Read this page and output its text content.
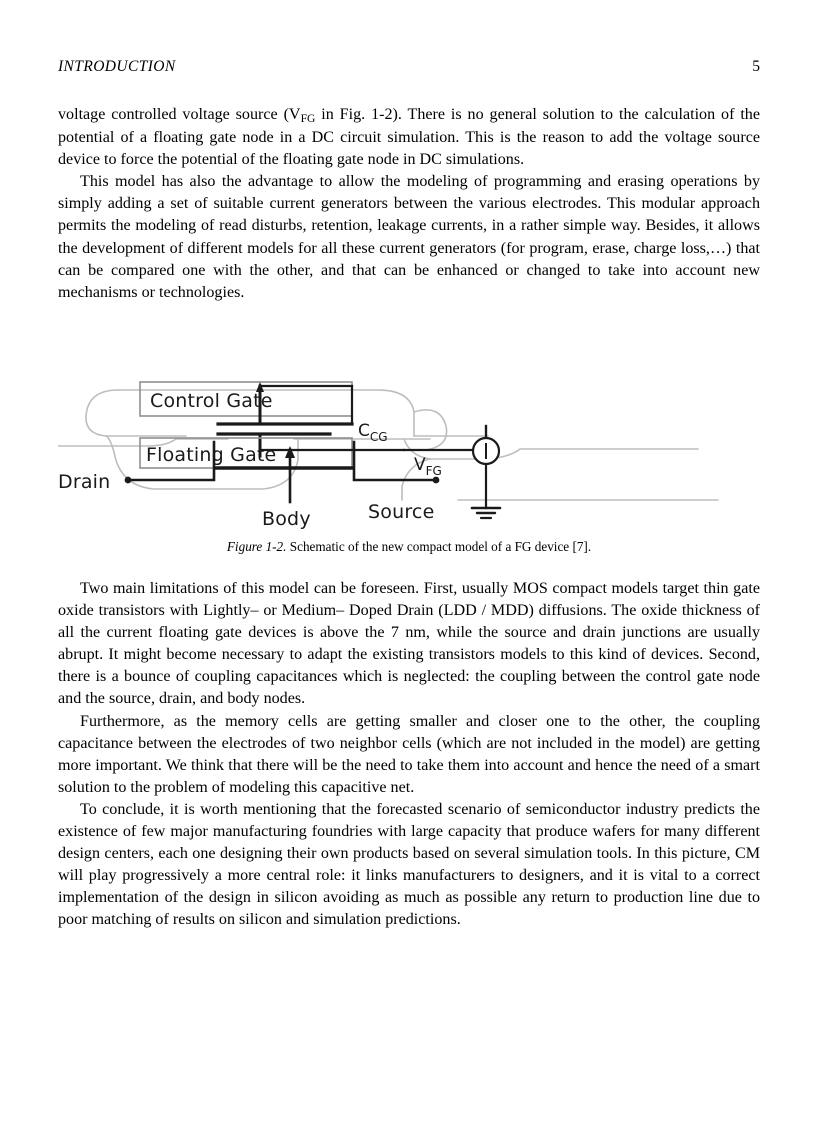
INTRODUCTION	5

voltage controlled voltage source ($V_{FG}$ in Fig. 1-2). There is no general solution to the calculation of the potential of a floating gate node in a DC circuit simulation. This is the reason to add the voltage source device to force the potential of the floating gate node in DC simulations.

This model has also the advantage to allow the modeling of programming and erasing operations by simply adding a set of suitable current generators between the various electrodes. This modular approach permits the modeling of read disturbs, retention, leakage currents, in a rather simple way. Besides, it allows the development of different models for all these current generators (for program, erase, charge loss,…) that can be compared one with the other, and that can be enhanced or changed to take into account new mechanisms or technologies.

Control Gate
Floating Gate
$C_{CG}$
$V_{FG}$
Drain
Body	Source
Figure 1-2. Schematic of the new compact model of a FG device [7].

Two main limitations of this model can be foreseen. First, usually MOS compact models target thin gate oxide transistors with Lightly– or Medium– Doped Drain (LDD / MDD) diffusions. The oxide thickness of all the current floating gate devices is above the 7 nm, while the source and drain junctions are usually abrupt. It might become necessary to adapt the existing transistors models to this kind of devices. Second, there is a bounce of coupling capacitances which is neglected: the coupling between the control gate node and the source, drain, and body nodes.

Furthermore, as the memory cells are getting smaller and closer one to the other, the coupling capacitance between the electrodes of two neighbor cells (which are not included in the model) are getting more important. We think that there will be the need to take them into account and hence the need of a smart solution to the problem of modeling this capacitive net.

To conclude, it is worth mentioning that the forecasted scenario of semiconductor industry predicts the existence of few major manufacturing foundries with large capacity that produce wafers for many different design centers, each one designing their own products based on several simulation tools. In this picture, CM will play progressively a more central role: it links manufacturers to designers, and it is vital to a correct implementation of the design in silicon avoiding as much as possible any return to production line due to poor matching of results on silicon and simulation predictions.
